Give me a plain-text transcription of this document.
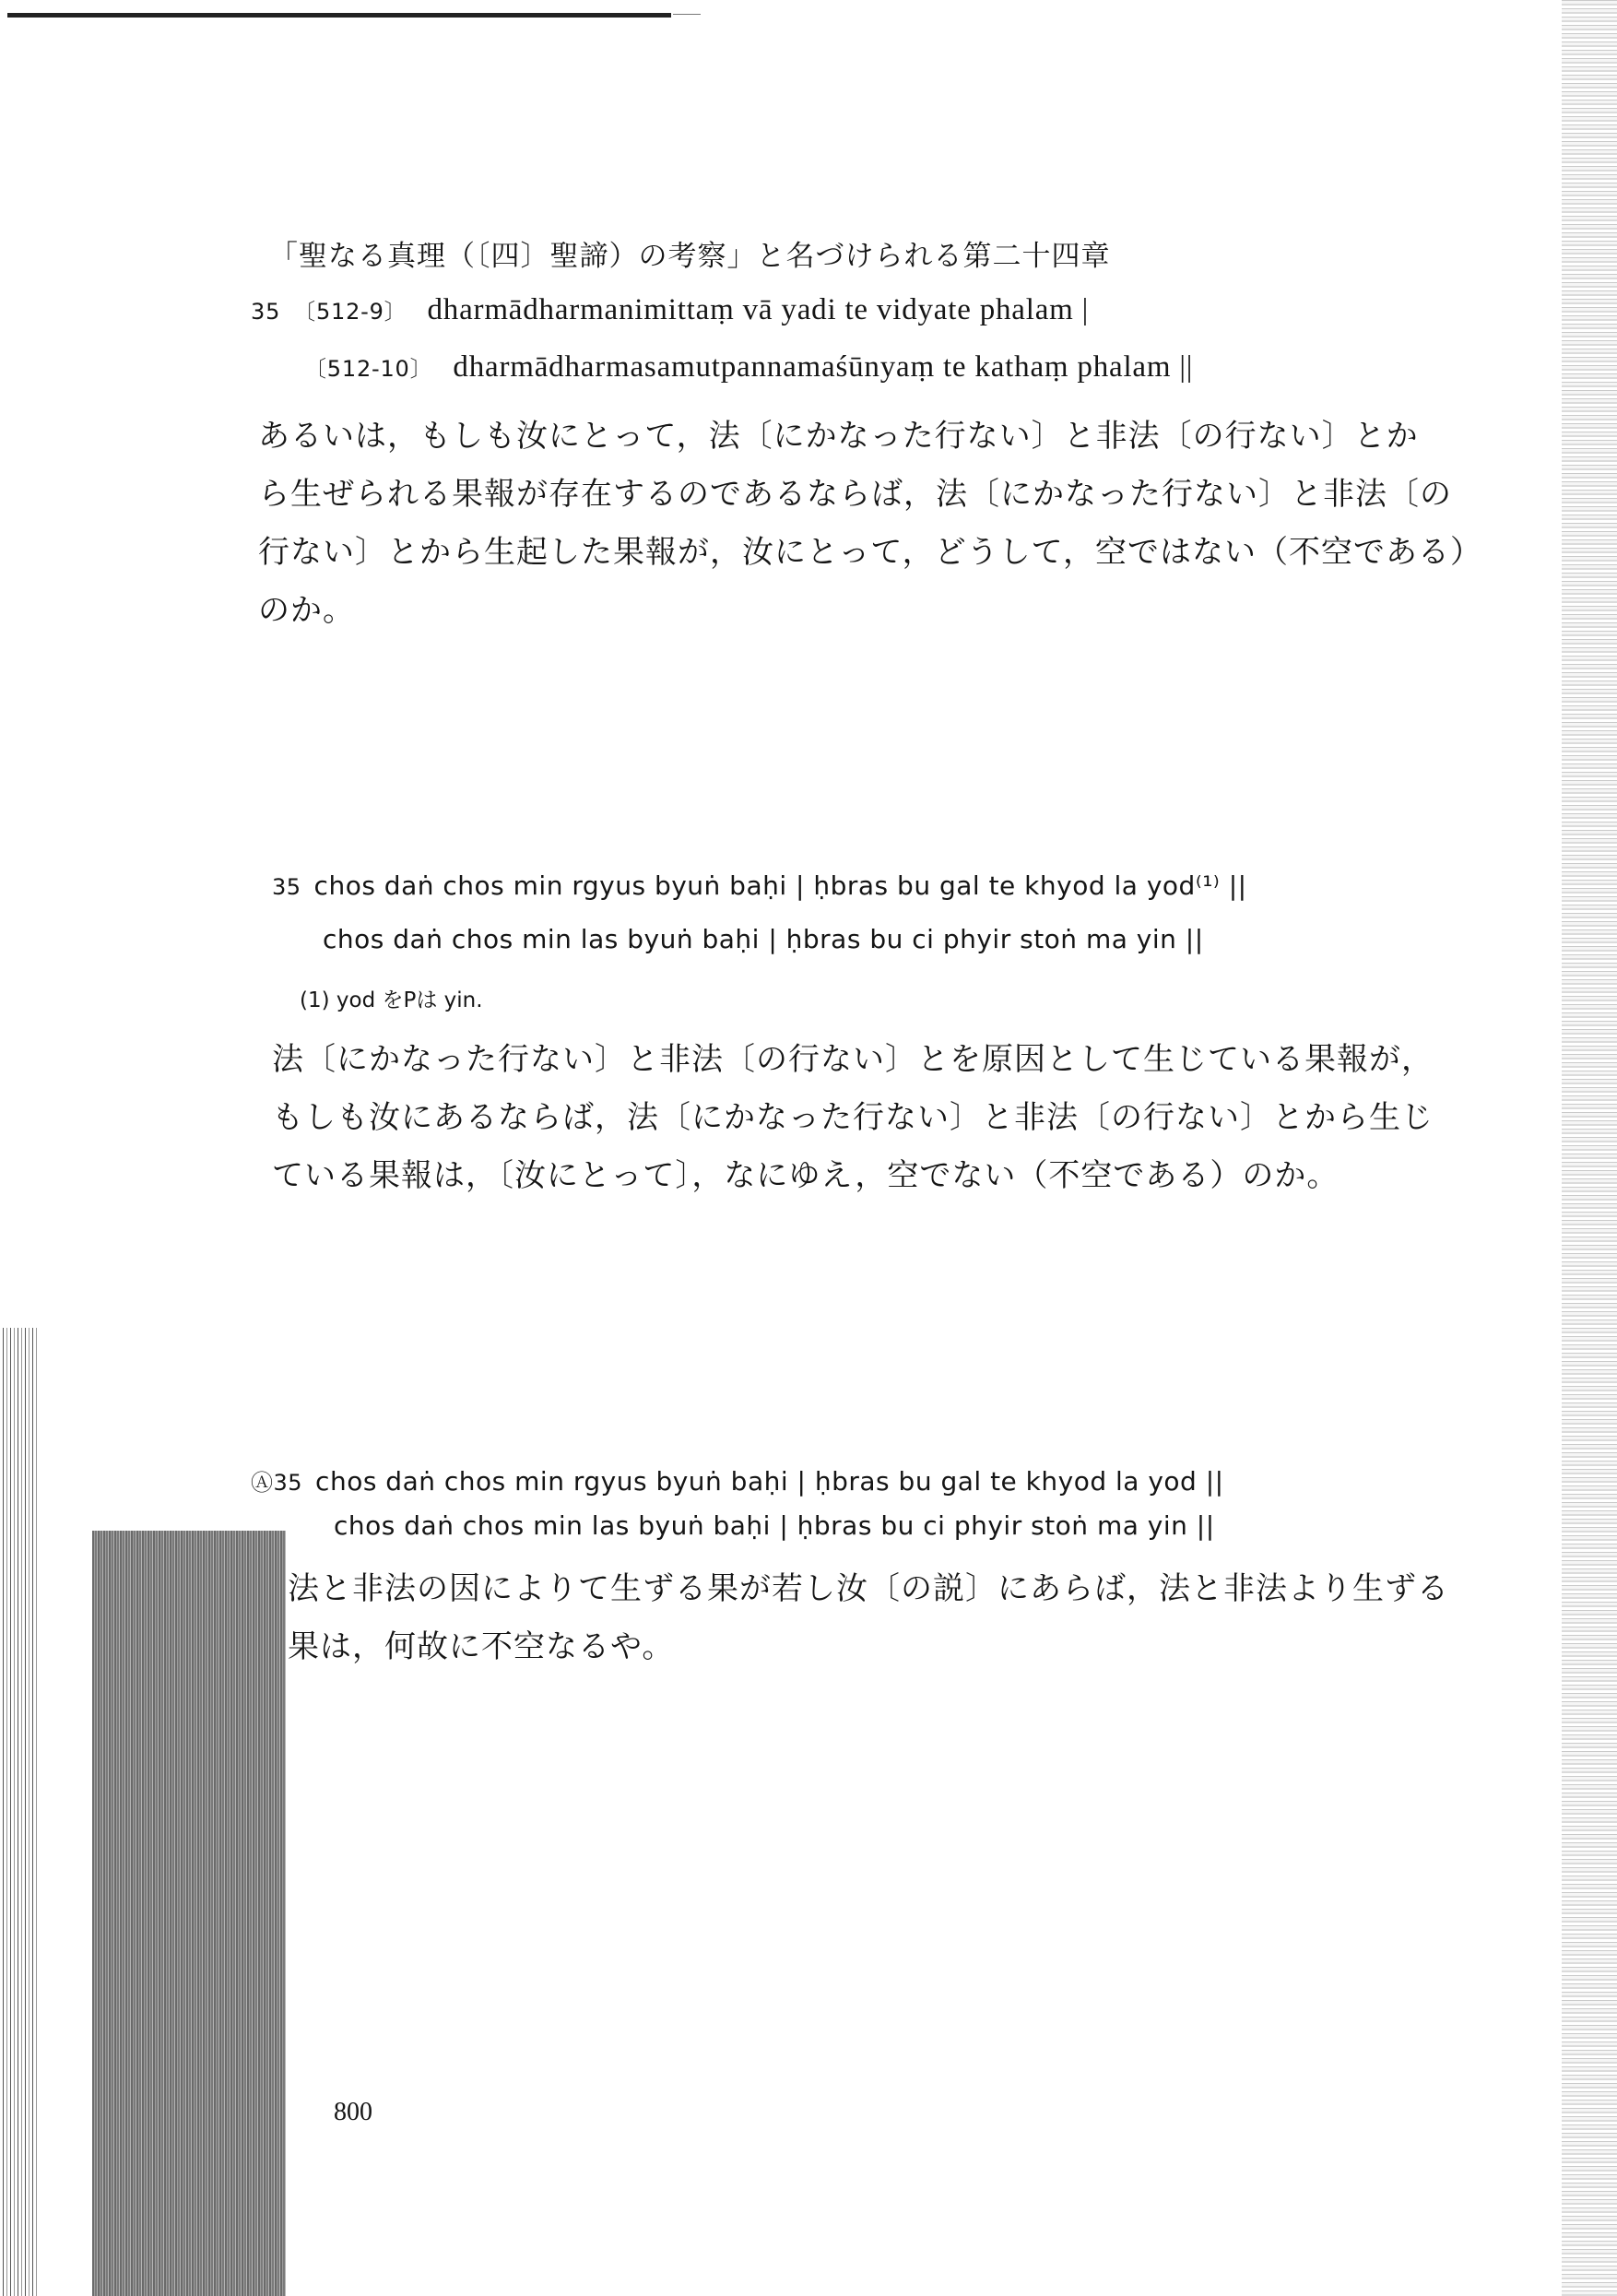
「聖なる真理（〔四〕聖諦）の考察」と名づけられる第二十四章
35 〔512-9〕 dharmādharmanimittaṃ vā yadi te vidyate phalam |
〔512-10〕 dharmādharmasamutpannamaśūnyaṃ te kathaṃ phalam ||
あるいは，もしも汝にとって，法〔にかなった行ない〕と非法〔の行ない〕とか
ら生ぜられる果報が存在するのであるならば，法〔にかなった行ない〕と非法〔の
行ない〕とから生起した果報が，汝にとって，どうして，空ではない（不空である）
のか。
35 chos daṅ chos min rgyus byuṅ baḥi | ḥbras bu gal te khyod la yod⁽¹⁾ ||
chos daṅ chos min las byuṅ baḥi | ḥbras bu ci phyir stoṅ ma yin ||
(1) yod をPは yin.
法〔にかなった行ない〕と非法〔の行ない〕とを原因として生じている果報が，
もしも汝にあるならば，法〔にかなった行ない〕と非法〔の行ない〕とから生じ
ている果報は，〔汝にとって〕，なにゆえ，空でない（不空である）のか。
Ⓐ35 chos daṅ chos min rgyus byuṅ baḥi | ḥbras bu gal te khyod la yod ||
chos daṅ chos min las byuṅ baḥi | ḥbras bu ci phyir stoṅ ma yin ||
法と非法の因によりて生ずる果が若し汝〔の説〕にあらば，法と非法より生ずる
果は，何故に不空なるや。
800
